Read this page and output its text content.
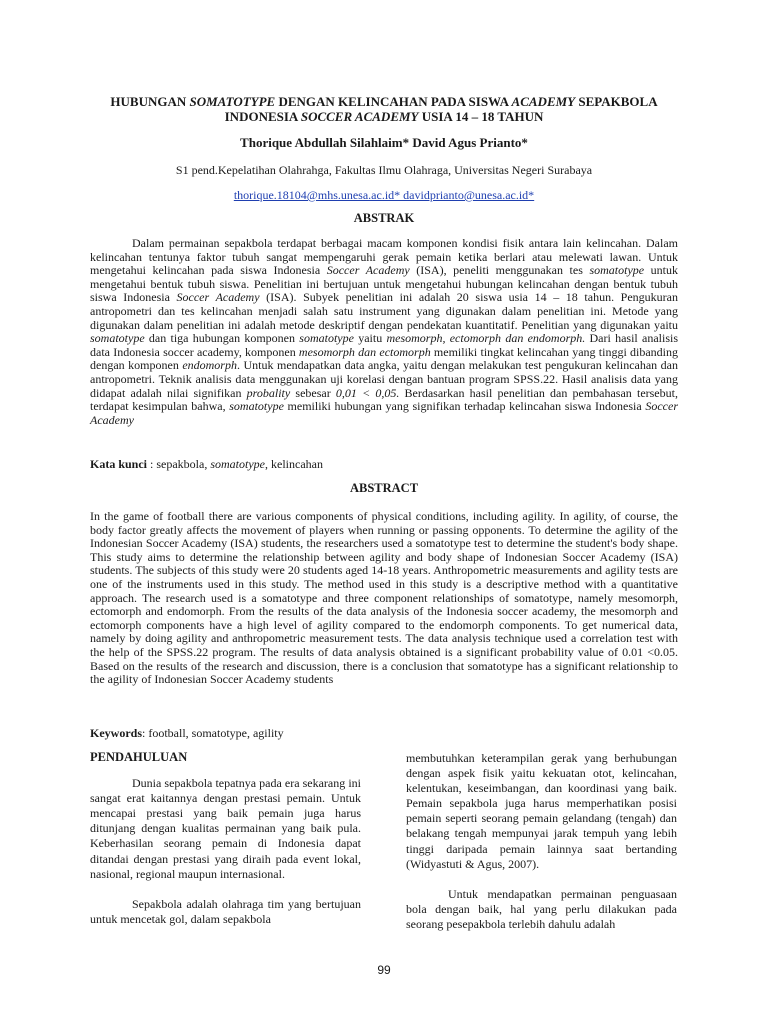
HUBUNGAN SOMATOTYPE DENGAN KELINCAHAN PADA SISWA ACADEMY SEPAKBOLA
INDONESIA SOCCER ACADEMY USIA 14 – 18 TAHUN
Thorique Abdullah Silahlaim* David Agus Prianto*
S1 pend.Kepelatihan Olahrahga, Fakultas Ilmu Olahraga, Universitas Negeri Surabaya
thorique.18104@mhs.unesa.ac.id* davidprianto@unesa.ac.id*
ABSTRAK

Dalam permainan sepakbola terdapat berbagai macam komponen kondisi fisik antara lain kelincahan. Dalam kelincahan tentunya faktor tubuh sangat mempengaruhi gerak pemain ketika berlari atau melewati lawan. Untuk mengetahui kelincahan pada siswa Indonesia Soccer Academy (ISA), peneliti menggunakan tes somatotype untuk mengetahui bentuk tubuh siswa. Penelitian ini bertujuan untuk mengetahui hubungan kelincahan dengan bentuk tubuh siswa Indonesia Soccer Academy (ISA). Subyek penelitian ini adalah 20 siswa usia 14 – 18 tahun. Pengukuran antropometri dan tes kelincahan menjadi salah satu instrument yang digunakan dalam penelitian ini. Metode yang digunakan dalam penelitian ini adalah metode deskriptif dengan pendekatan kuantitatif. Penelitian yang digunakan yaitu somatotype dan tiga hubungan komponen somatotype yaitu mesomorph, ectomorph dan endomorph. Dari hasil analisis data Indonesia soccer academy, komponen mesomorph dan ectomorph memiliki tingkat kelincahan yang tinggi dibanding dengan komponen endomorph. Untuk mendapatkan data angka, yaitu dengan melakukan test pengukuran kelincahan dan antropometri. Teknik analisis data menggunakan uji korelasi dengan bantuan program SPSS.22. Hasil analisis data yang didapat adalah nilai signifikan probality sebesar 0,01 < 0,05. Berdasarkan hasil penelitian dan pembahasan tersebut, terdapat kesimpulan bahwa, somatotype memiliki hubungan yang signifikan terhadap kelincahan siswa Indonesia Soccer Academy

Kata kunci : sepakbola, somatotype, kelincahan
ABSTRACT

In the game of football there are various components of physical conditions, including agility. In agility, of course, the body factor greatly affects the movement of players when running or passing opponents. To determine the agility of the Indonesian Soccer Academy (ISA) students, the researchers used a somatotype test to determine the student's body shape. This study aims to determine the relationship between agility and body shape of Indonesian Soccer Academy (ISA) students. The subjects of this study were 20 students aged 14-18 years. Anthropometric measurements and agility tests are one of the instruments used in this study. The method used in this study is a descriptive method with a quantitative approach. The research used is a somatotype and three component relationships of somatotype, namely mesomorph, ectomorph and endomorph. From the results of the data analysis of the Indonesia soccer academy, the mesomorph and ectomorph components have a high level of agility compared to the endomorph components. To get numerical data, namely by doing agility and anthropometric measurement tests. The data analysis technique used a correlation test with the help of the SPSS.22 program. The results of data analysis obtained is a significant probability value of 0.01 <0.05. Based on the results of the research and discussion, there is a conclusion that somatotype has a significant relationship to the agility of Indonesian Soccer Academy students

Keywords: football, somatotype, agility
PENDAHULUAN

Dunia sepakbola tepatnya pada era sekarang ini sangat erat kaitannya dengan prestasi pemain. Untuk mencapai prestasi yang baik pemain juga harus ditunjang dengan kualitas permainan yang baik pula. Keberhasilan seorang pemain di Indonesia dapat ditandai dengan prestasi yang diraih pada event lokal, nasional, regional maupun internasional.

Sepakbola adalah olahraga tim yang bertujuan untuk mencetak gol, dalam sepakbola

membutuhkan keterampilan gerak yang berhubungan dengan aspek fisik yaitu kekuatan otot, kelincahan, kelentukan, keseimbangan, dan koordinasi yang baik. Pemain sepakbola juga harus memperhatikan posisi pemain seperti seorang pemain gelandang (tengah) dan belakang tengah mempunyai jarak tempuh yang lebih tinggi daripada pemain lainnya saat bertanding (Widyastuti & Agus, 2007).

Untuk mendapatkan permainan penguasaan bola dengan baik, hal yang perlu dilakukan pada seorang pesepakbola terlebih dahulu adalah

99
